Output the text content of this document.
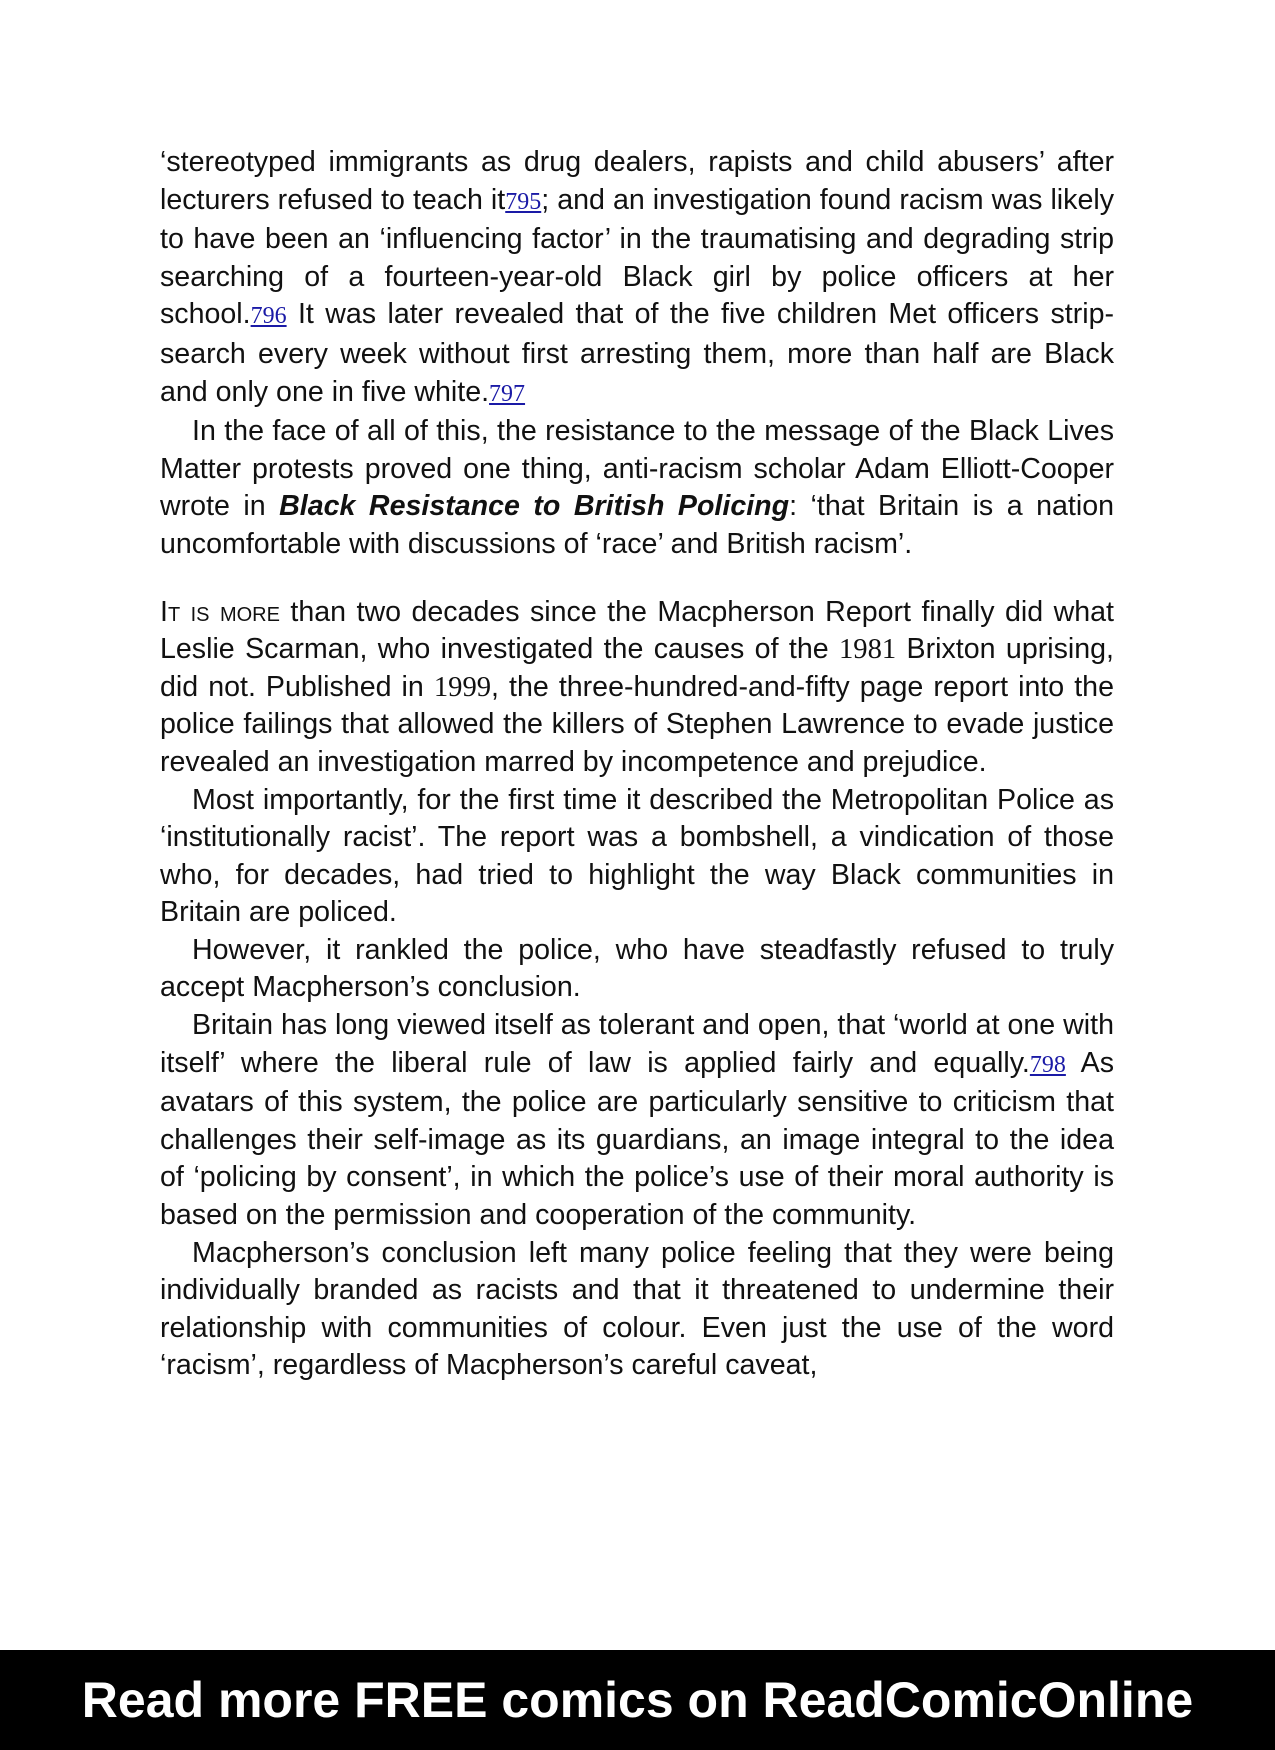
‘stereotyped immigrants as drug dealers, rapists and child abusers’ after lecturers refused to teach it795; and an investigation found racism was likely to have been an ‘influencing factor’ in the traumatising and degrading strip searching of a fourteen-year-old Black girl by police officers at her school.796 It was later revealed that of the five children Met officers strip-search every week without first arresting them, more than half are Black and only one in five white.797

In the face of all of this, the resistance to the message of the Black Lives Matter protests proved one thing, anti-racism scholar Adam Elliott-Cooper wrote in Black Resistance to British Policing: ‘that Britain is a nation uncomfortable with discussions of ‘race’ and British racism’.

It is more than two decades since the Macpherson Report finally did what Leslie Scarman, who investigated the causes of the 1981 Brixton uprising, did not. Published in 1999, the three-hundred-and-fifty page report into the police failings that allowed the killers of Stephen Lawrence to evade justice revealed an investigation marred by incompetence and prejudice.

Most importantly, for the first time it described the Metropolitan Police as ‘institutionally racist’. The report was a bombshell, a vindication of those who, for decades, had tried to highlight the way Black communities in Britain are policed.

However, it rankled the police, who have steadfastly refused to truly accept Macpherson’s conclusion.

Britain has long viewed itself as tolerant and open, that ‘world at one with itself’ where the liberal rule of law is applied fairly and equally.798 As avatars of this system, the police are particularly sensitive to criticism that challenges their self-image as its guardians, an image integral to the idea of ‘policing by consent’, in which the police’s use of their moral authority is based on the permission and cooperation of the community.

Macpherson’s conclusion left many police feeling that they were being individually branded as racists and that it threatened to undermine their relationship with communities of colour. Even just the use of the word ‘racism’, regardless of Macpherson’s careful caveat,

Read more FREE comics on ReadComicOnline
